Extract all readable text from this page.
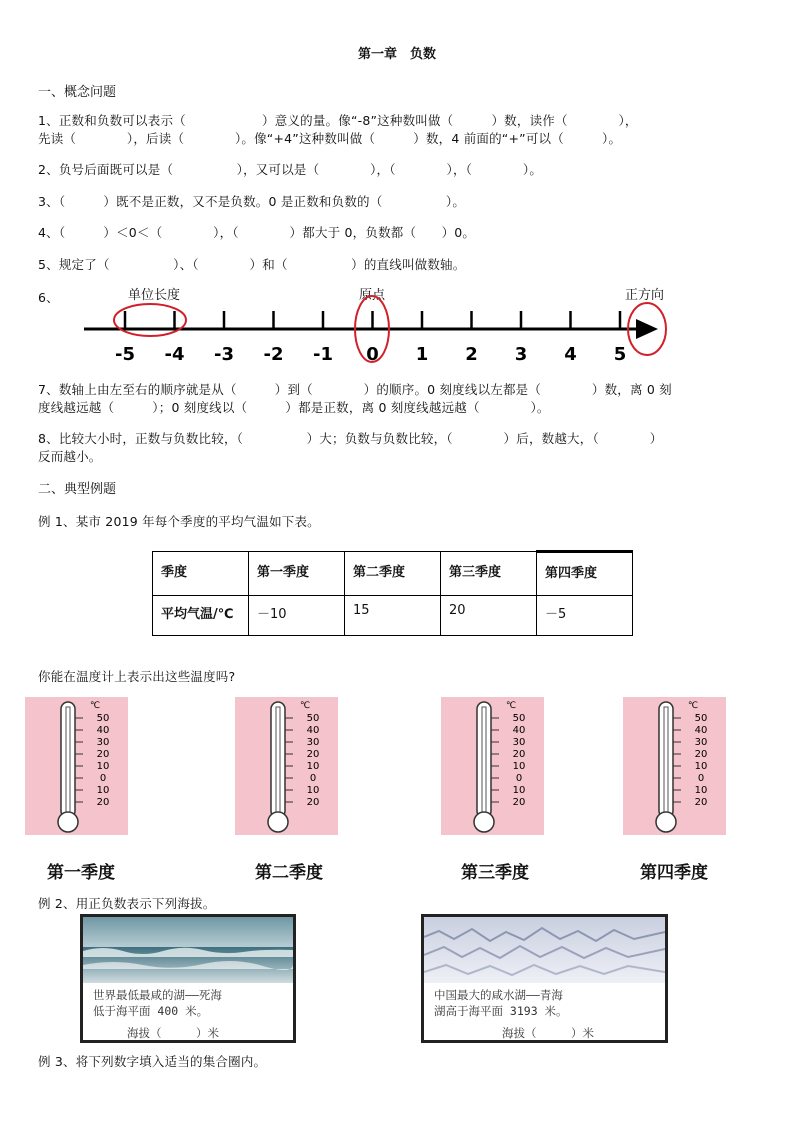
第一章　负数
一、概念问题
1、正数和负数可以表示（　　　　　　）意义的量。像“-8”这种数叫做（　　　）数，读作（　　　　），
先读（　　　　），后读（　　　　）。像“+4”这种数叫做（　　　）数，4 前面的“+”可以（　　　）。
2、负号后面既可以是（　　　　　），又可以是（　　　　），（　　　　），（　　　　）。
3、（　　　）既不是正数，又不是负数。0 是正数和负数的（　　　　　）。
4、（　　　）＜0＜（　　　　），（　　　　）都大于 0，负数都（　　）0。
5、规定了（　　　　　）、（　　　　）和（　　　　　）的直线叫做数轴。
6、	单位长度	原点	正方向
-5 -4 -3 -2 -1 0 1 2 3 4 5
7、数轴上由左至右的顺序就是从（　　　）到（　　　　）的顺序。0 刻度线以左都是（　　　　）数，离 0 刻
度线越远越（　　　）；0 刻度线以（　　　）都是正数，离 0 刻度线越远越（　　　　）。
8、比较大小时，正数与负数比较，（　　　　　）大；负数与负数比较，（　　　　）后，数越大，（　　　　）
反而越小。
二、典型例题
例 1、某市 2019 年每个季度的平均气温如下表。
季度	第一季度	第二季度	第三季度	第四季度
平均气温/℃	－10	15	20	－5
你能在温度计上表示出这些温度吗?
℃
50
40
30
20
10
0
10
20
℃
50
40
30
20
10
0
10
20
℃
50
40
30
20
10
0
10
20
℃
50
40
30
20
10
0
10
20
第一季度	第二季度	第三季度	第四季度
例 2、用正负数表示下列海拔。
世界最低最咸的湖——死海
低于海平面 400 米。
海拔（　　　）米
中国最大的咸水湖——青海
湖高于海平面 3193 米。
海拔（　　　）米
例 3、将下列数字填入适当的集合圈内。
